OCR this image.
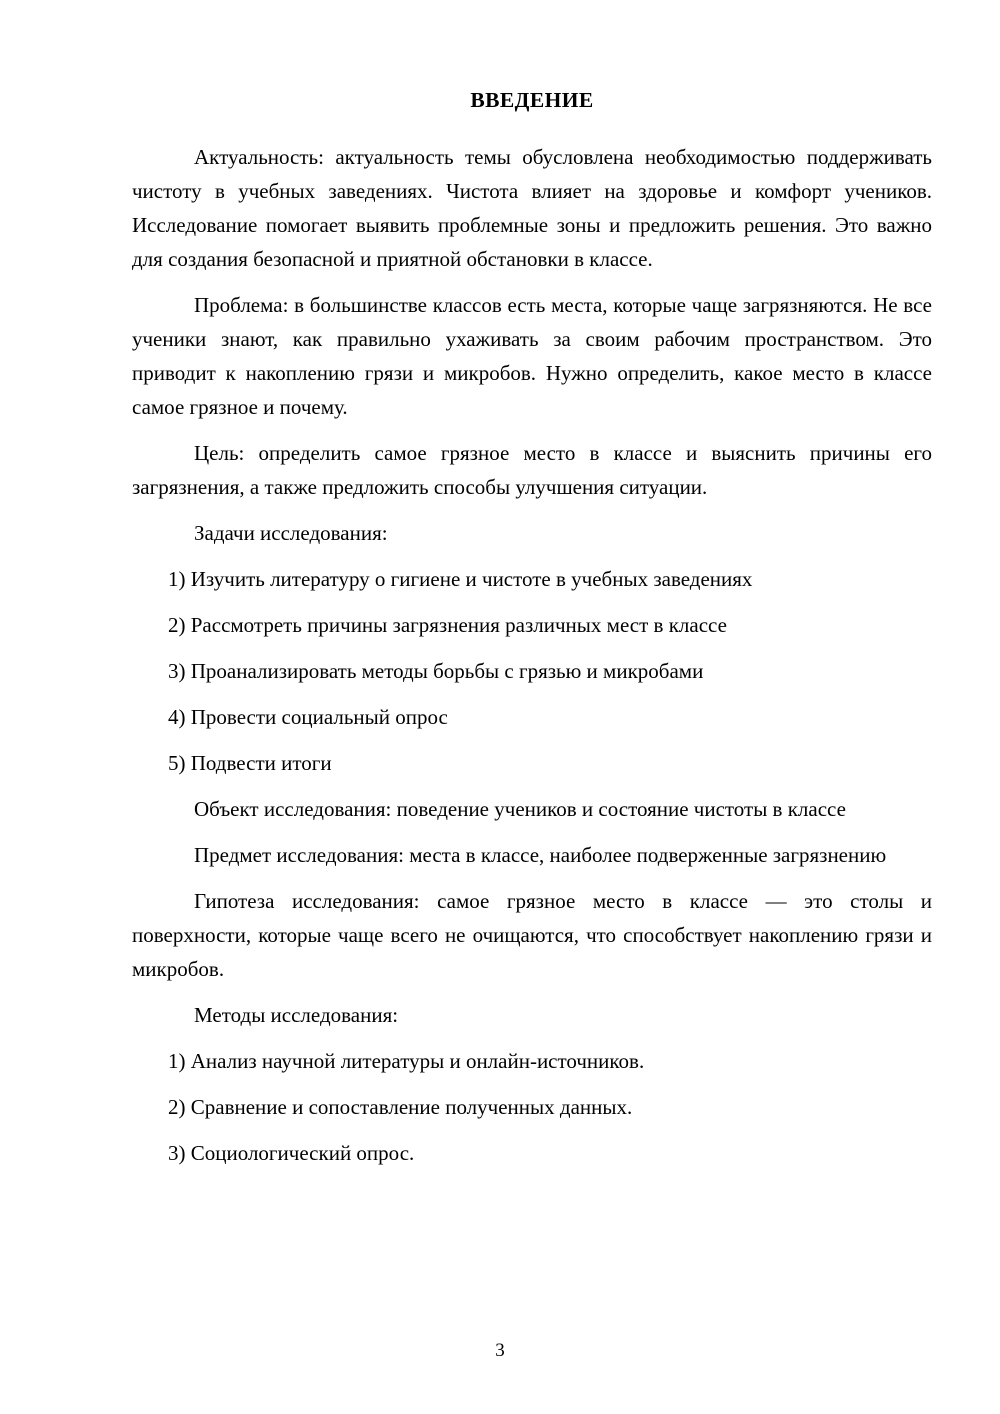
ВВЕДЕНИЕ

Актуальность: актуальность темы обусловлена необходимостью поддерживать чистоту в учебных заведениях. Чистота влияет на здоровье и комфорт учеников. Исследование помогает выявить проблемные зоны и предложить решения. Это важно для создания безопасной и приятной обстановки в классе.

Проблема: в большинстве классов есть места, которые чаще загрязняются. Не все ученики знают, как правильно ухаживать за своим рабочим пространством. Это приводит к накоплению грязи и микробов. Нужно определить, какое место в классе самое грязное и почему.

Цель: определить самое грязное место в классе и выяснить причины его загрязнения, а также предложить способы улучшения ситуации.

Задачи исследования:

1) Изучить литературу о гигиене и чистоте в учебных заведениях

2) Рассмотреть причины загрязнения различных мест в классе

3) Проанализировать методы борьбы с грязью и микробами

4) Провести социальный опрос

5) Подвести итоги

Объект исследования: поведение учеников и состояние чистоты в классе

Предмет исследования: места в классе, наиболее подверженные загрязнению

Гипотеза исследования: самое грязное место в классе — это столы и поверхности, которые чаще всего не очищаются, что способствует накоплению грязи и микробов.

Методы исследования:

1) Анализ научной литературы и онлайн-источников.

2) Сравнение и сопоставление полученных данных.

3) Социологический опрос.

3
